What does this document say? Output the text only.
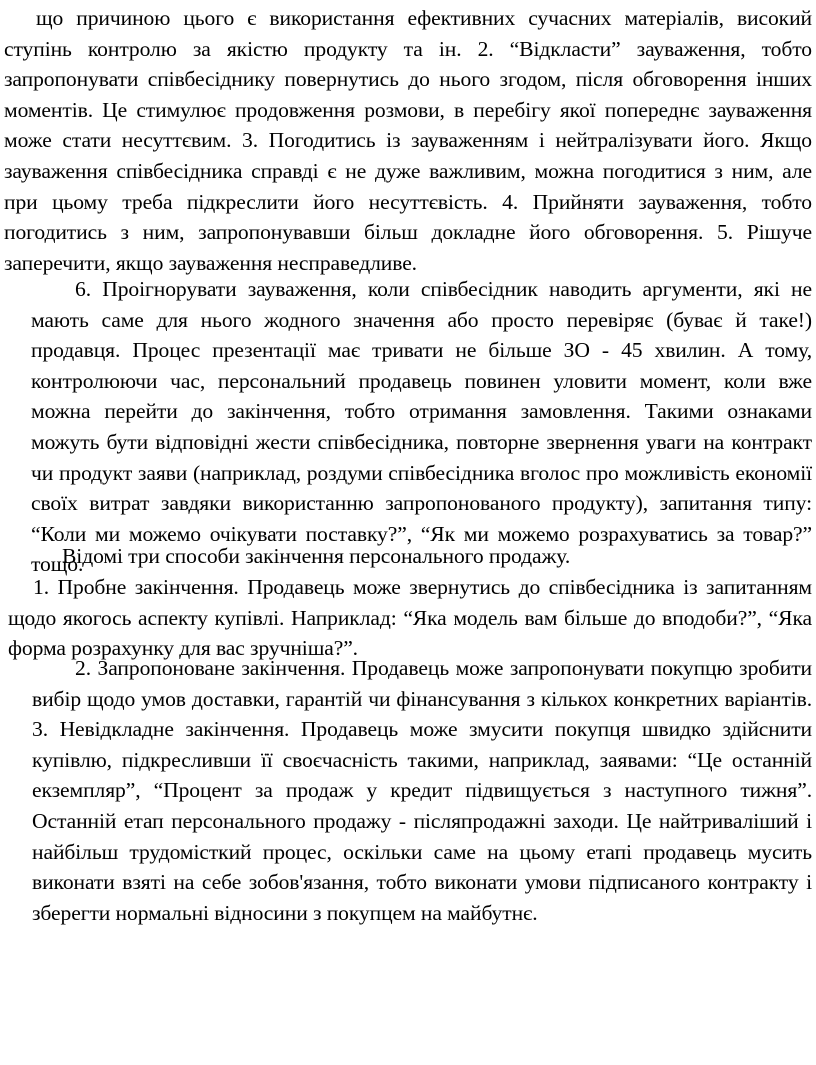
що причиною цього є використання ефективних сучасних матеріалів, високий ступінь контролю за якістю продукту та ін. 2. “Відкласти” зауваження, тобто запропонувати співбесіднику повернутись до нього згодом, після обговорення інших моментів. Це стимулює продовження розмови, в перебігу якої попереднє зауваження може стати несуттєвим. 3. Погодитись із зауваженням і нейтралізувати його. Якщо зауваження співбесідника справді є не дуже важливим, можна погодитися з ним, але при цьому треба підкреслити його несуттєвість. 4. Прийняти зауваження, тобто погодитись з ним, запропонувавши більш докладне його обговорення. 5. Рішуче заперечити, якщо зауваження несправедливе.

6. Проігнорувати зауваження, коли співбесідник наводить аргументи, які не мають саме для нього жодного значення або просто перевіряє (буває й таке!) продавця. Процес презентації має тривати не більше ЗО - 45 хвилин. А тому, контролюючи час, персональний продавець повинен уловити момент, коли вже можна перейти до закінчення, тобто отримання замовлення. Такими ознаками можуть бути відповідні жести співбесідника, повторне звернення уваги на контракт чи продукт заяви (наприклад, роздуми співбесідника вголос про можливість економії своїх витрат завдяки використанню запропонованого продукту), запитання типу: “Коли ми можемо очікувати поставку?”, “Як ми можемо розрахуватись за товар?” тощо.

Відомі три способи закінчення персонального продажу.

1. Пробне закінчення. Продавець може звернутись до співбесідника із запитанням щодо якогось аспекту купівлі. Наприклад: “Яка модель вам більше до вподоби?”, “Яка форма розрахунку для вас зручніша?”.

2. Запропоноване закінчення. Продавець може запропонувати покупцю зробити вибір щодо умов доставки, гарантій чи фінансування з кількох конкретних варіантів. 3. Невідкладне закінчення. Продавець може змусити покупця швидко здійснити купівлю, підкресливши її своєчасність такими, наприклад, заявами: “Це останній екземпляр”, “Процент за продаж у кредит підвищується з наступного тижня”. Останній етап персонального продажу - післяпродажні заходи. Це найтриваліший і найбільш трудомісткий процес, оскільки саме на цьому етапі продавець мусить виконати взяті на себе зобов'язання, тобто виконати умови підписаного контракту і зберегти нормальні відносини з покупцем на майбутнє.
